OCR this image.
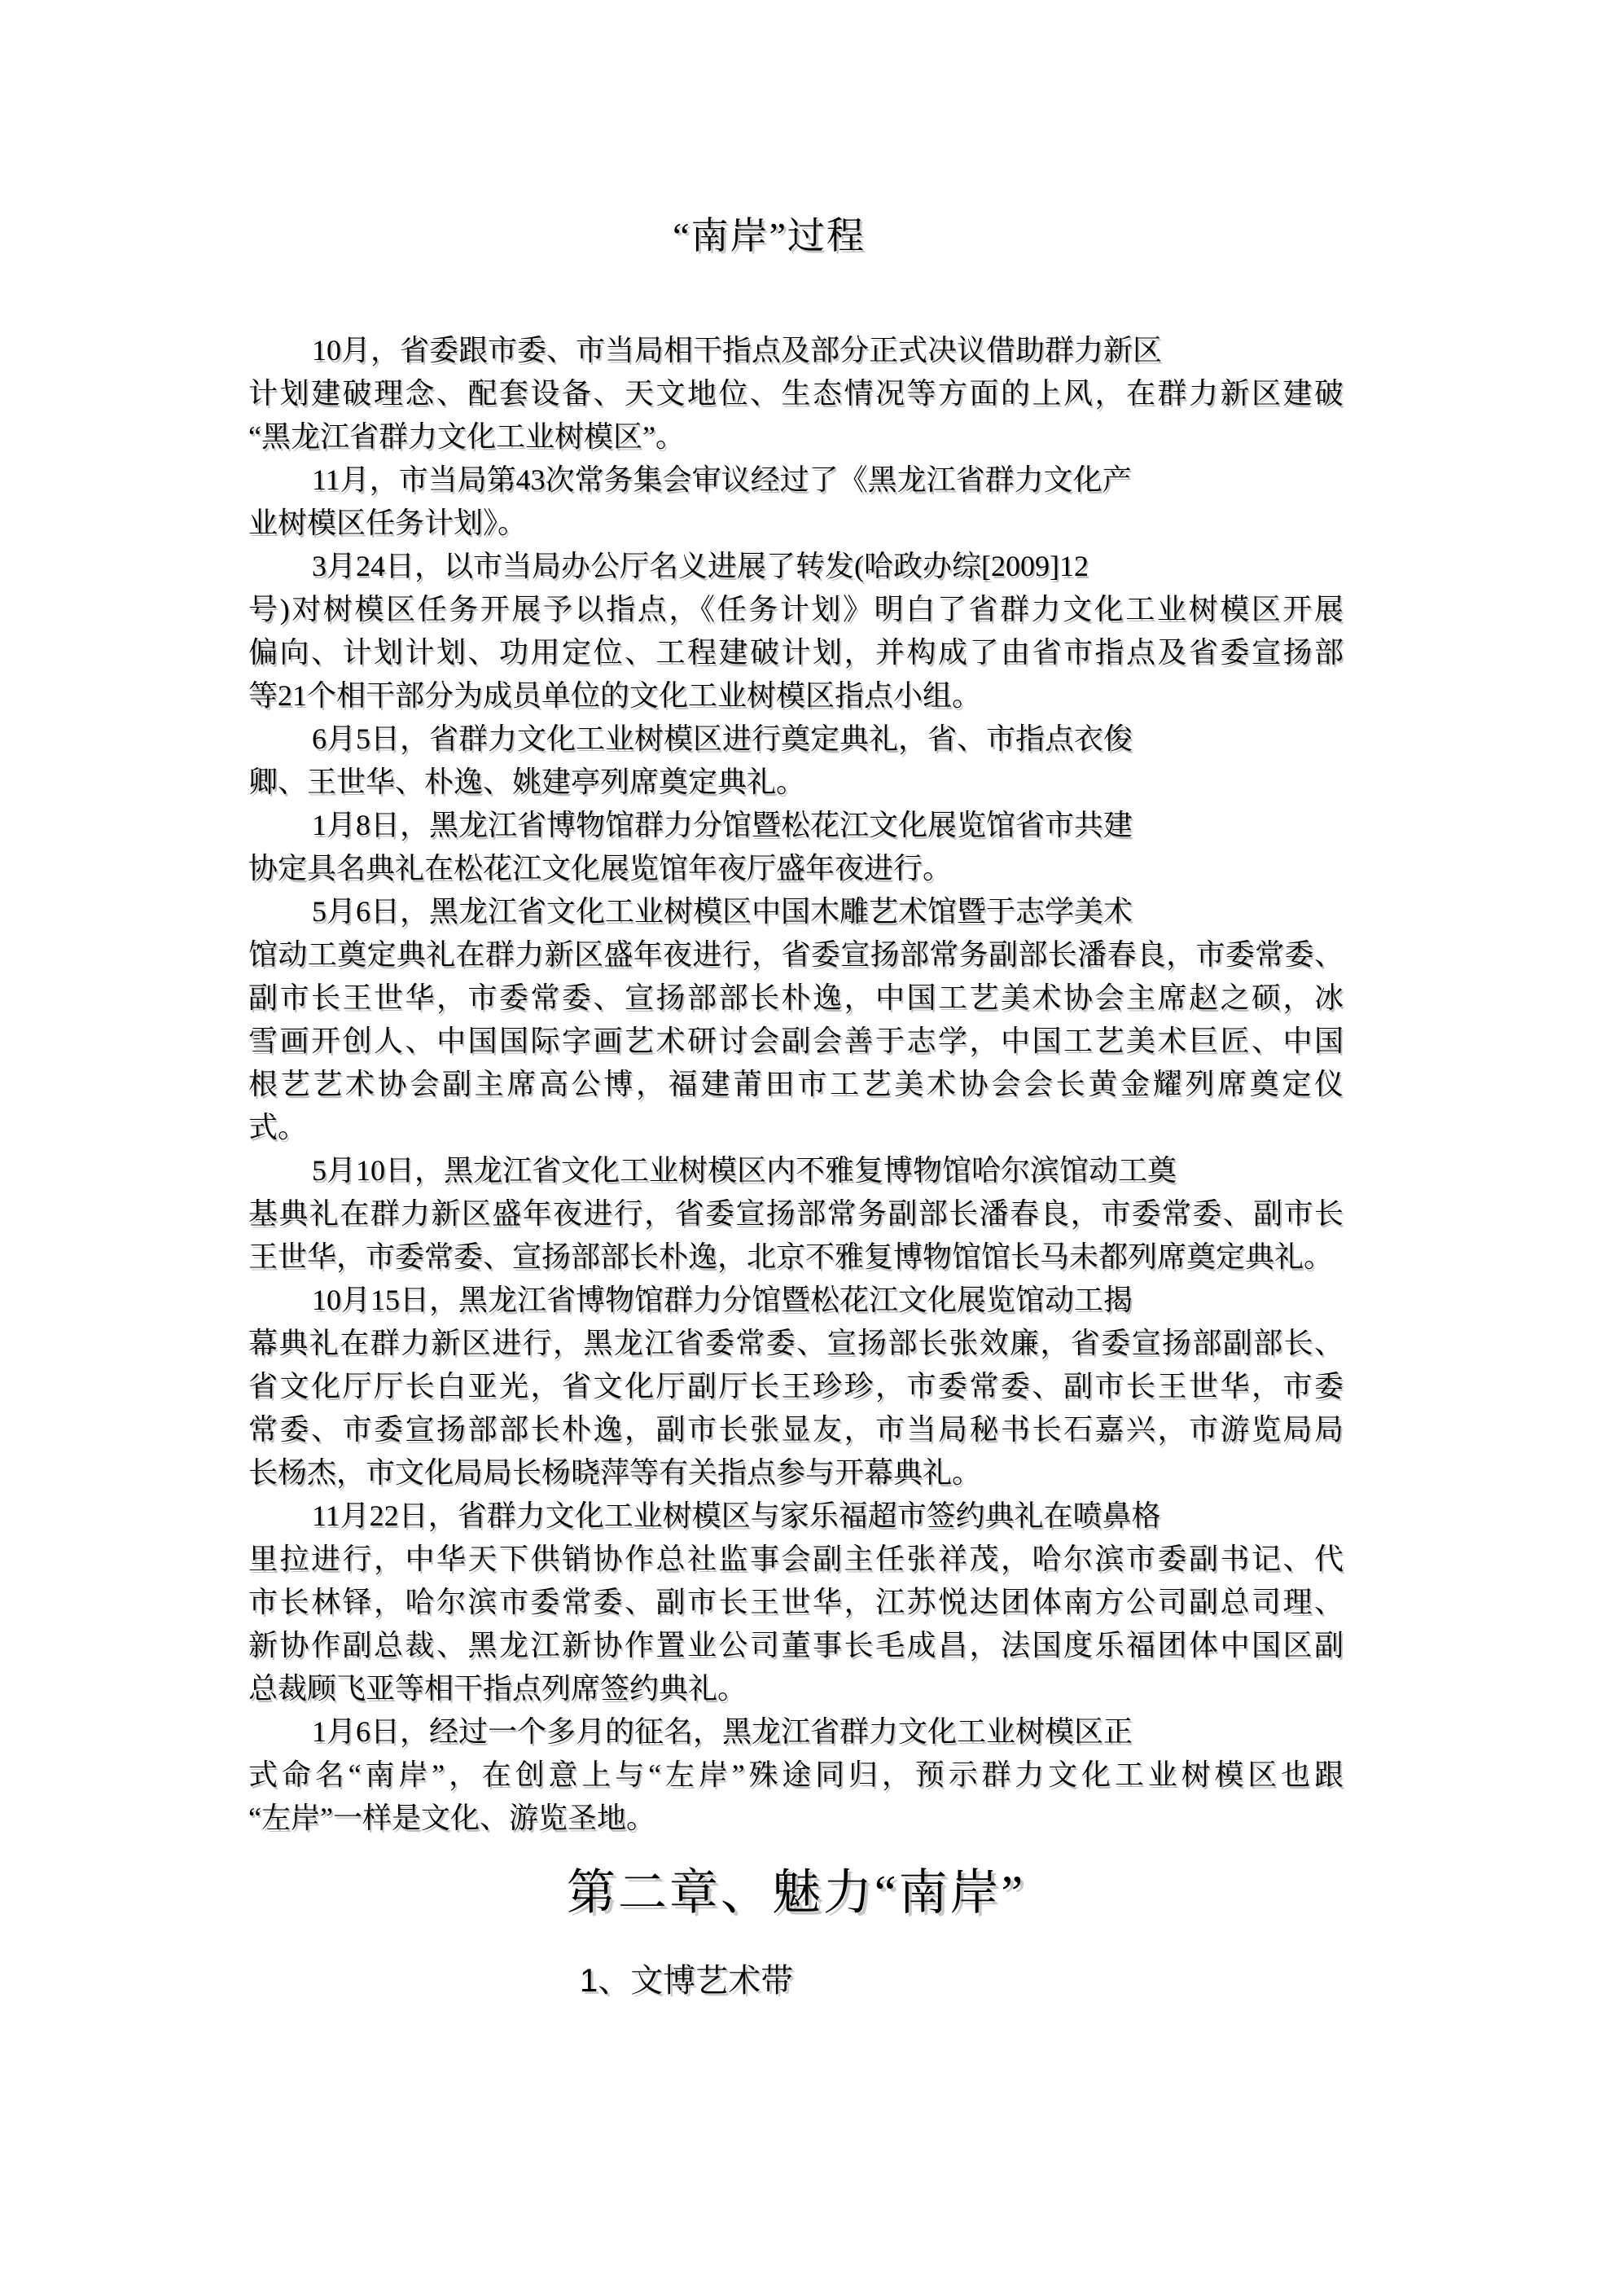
“南岸”过程
10月，省委跟市委、市当局相干指点及部分正式决议借助群力新区
计划建破理念、配套设备、天文地位、生态情况等方面的上风，在群力新区建破
“黑龙江省群力文化工业树模区”。
11月，市当局第43次常务集会审议经过了《黑龙江省群力文化产
业树模区任务计划》。
3月24日，以市当局办公厅名义进展了转发(哈政办综[2009]12
号)对树模区任务开展予以指点，《任务计划》明白了省群力文化工业树模区开展
偏向、计划计划、功用定位、工程建破计划，并构成了由省市指点及省委宣扬部
等21个相干部分为成员单位的文化工业树模区指点小组。
6月5日，省群力文化工业树模区进行奠定典礼，省、市指点衣俊
卿、王世华、朴逸、姚建亭列席奠定典礼。
1月8日，黑龙江省博物馆群力分馆暨松花江文化展览馆省市共建
协定具名典礼在松花江文化展览馆年夜厅盛年夜进行。
5月6日，黑龙江省文化工业树模区中国木雕艺术馆暨于志学美术
馆动工奠定典礼在群力新区盛年夜进行，省委宣扬部常务副部长潘春良，市委常委、
副市长王世华，市委常委、宣扬部部长朴逸，中国工艺美术协会主席赵之硕，冰
雪画开创人、中国国际字画艺术研讨会副会善于志学，中国工艺美术巨匠、中国
根艺艺术协会副主席高公博，福建莆田市工艺美术协会会长黄金耀列席奠定仪
式。
5月10日，黑龙江省文化工业树模区内不雅复博物馆哈尔滨馆动工奠
基典礼在群力新区盛年夜进行，省委宣扬部常务副部长潘春良，市委常委、副市长
王世华，市委常委、宣扬部部长朴逸，北京不雅复博物馆馆长马未都列席奠定典礼。
10月15日，黑龙江省博物馆群力分馆暨松花江文化展览馆动工揭
幕典礼在群力新区进行，黑龙江省委常委、宣扬部长张效廉，省委宣扬部副部长、
省文化厅厅长白亚光，省文化厅副厅长王珍珍，市委常委、副市长王世华，市委
常委、市委宣扬部部长朴逸，副市长张显友，市当局秘书长石嘉兴，市游览局局
长杨杰，市文化局局长杨晓萍等有关指点参与开幕典礼。
11月22日，省群力文化工业树模区与家乐福超市签约典礼在喷鼻格
里拉进行，中华天下供销协作总社监事会副主任张祥茂，哈尔滨市委副书记、代
市长林铎，哈尔滨市委常委、副市长王世华，江苏悦达团体南方公司副总司理、
新协作副总裁、黑龙江新协作置业公司董事长毛成昌，法国度乐福团体中国区副
总裁顾飞亚等相干指点列席签约典礼。
1月6日，经过一个多月的征名，黑龙江省群力文化工业树模区正
式命名“南岸”，在创意上与“左岸”殊途同归，预示群力文化工业树模区也跟
“左岸”一样是文化、游览圣地。
第二章、魅力“南岸”
1、文博艺术带
